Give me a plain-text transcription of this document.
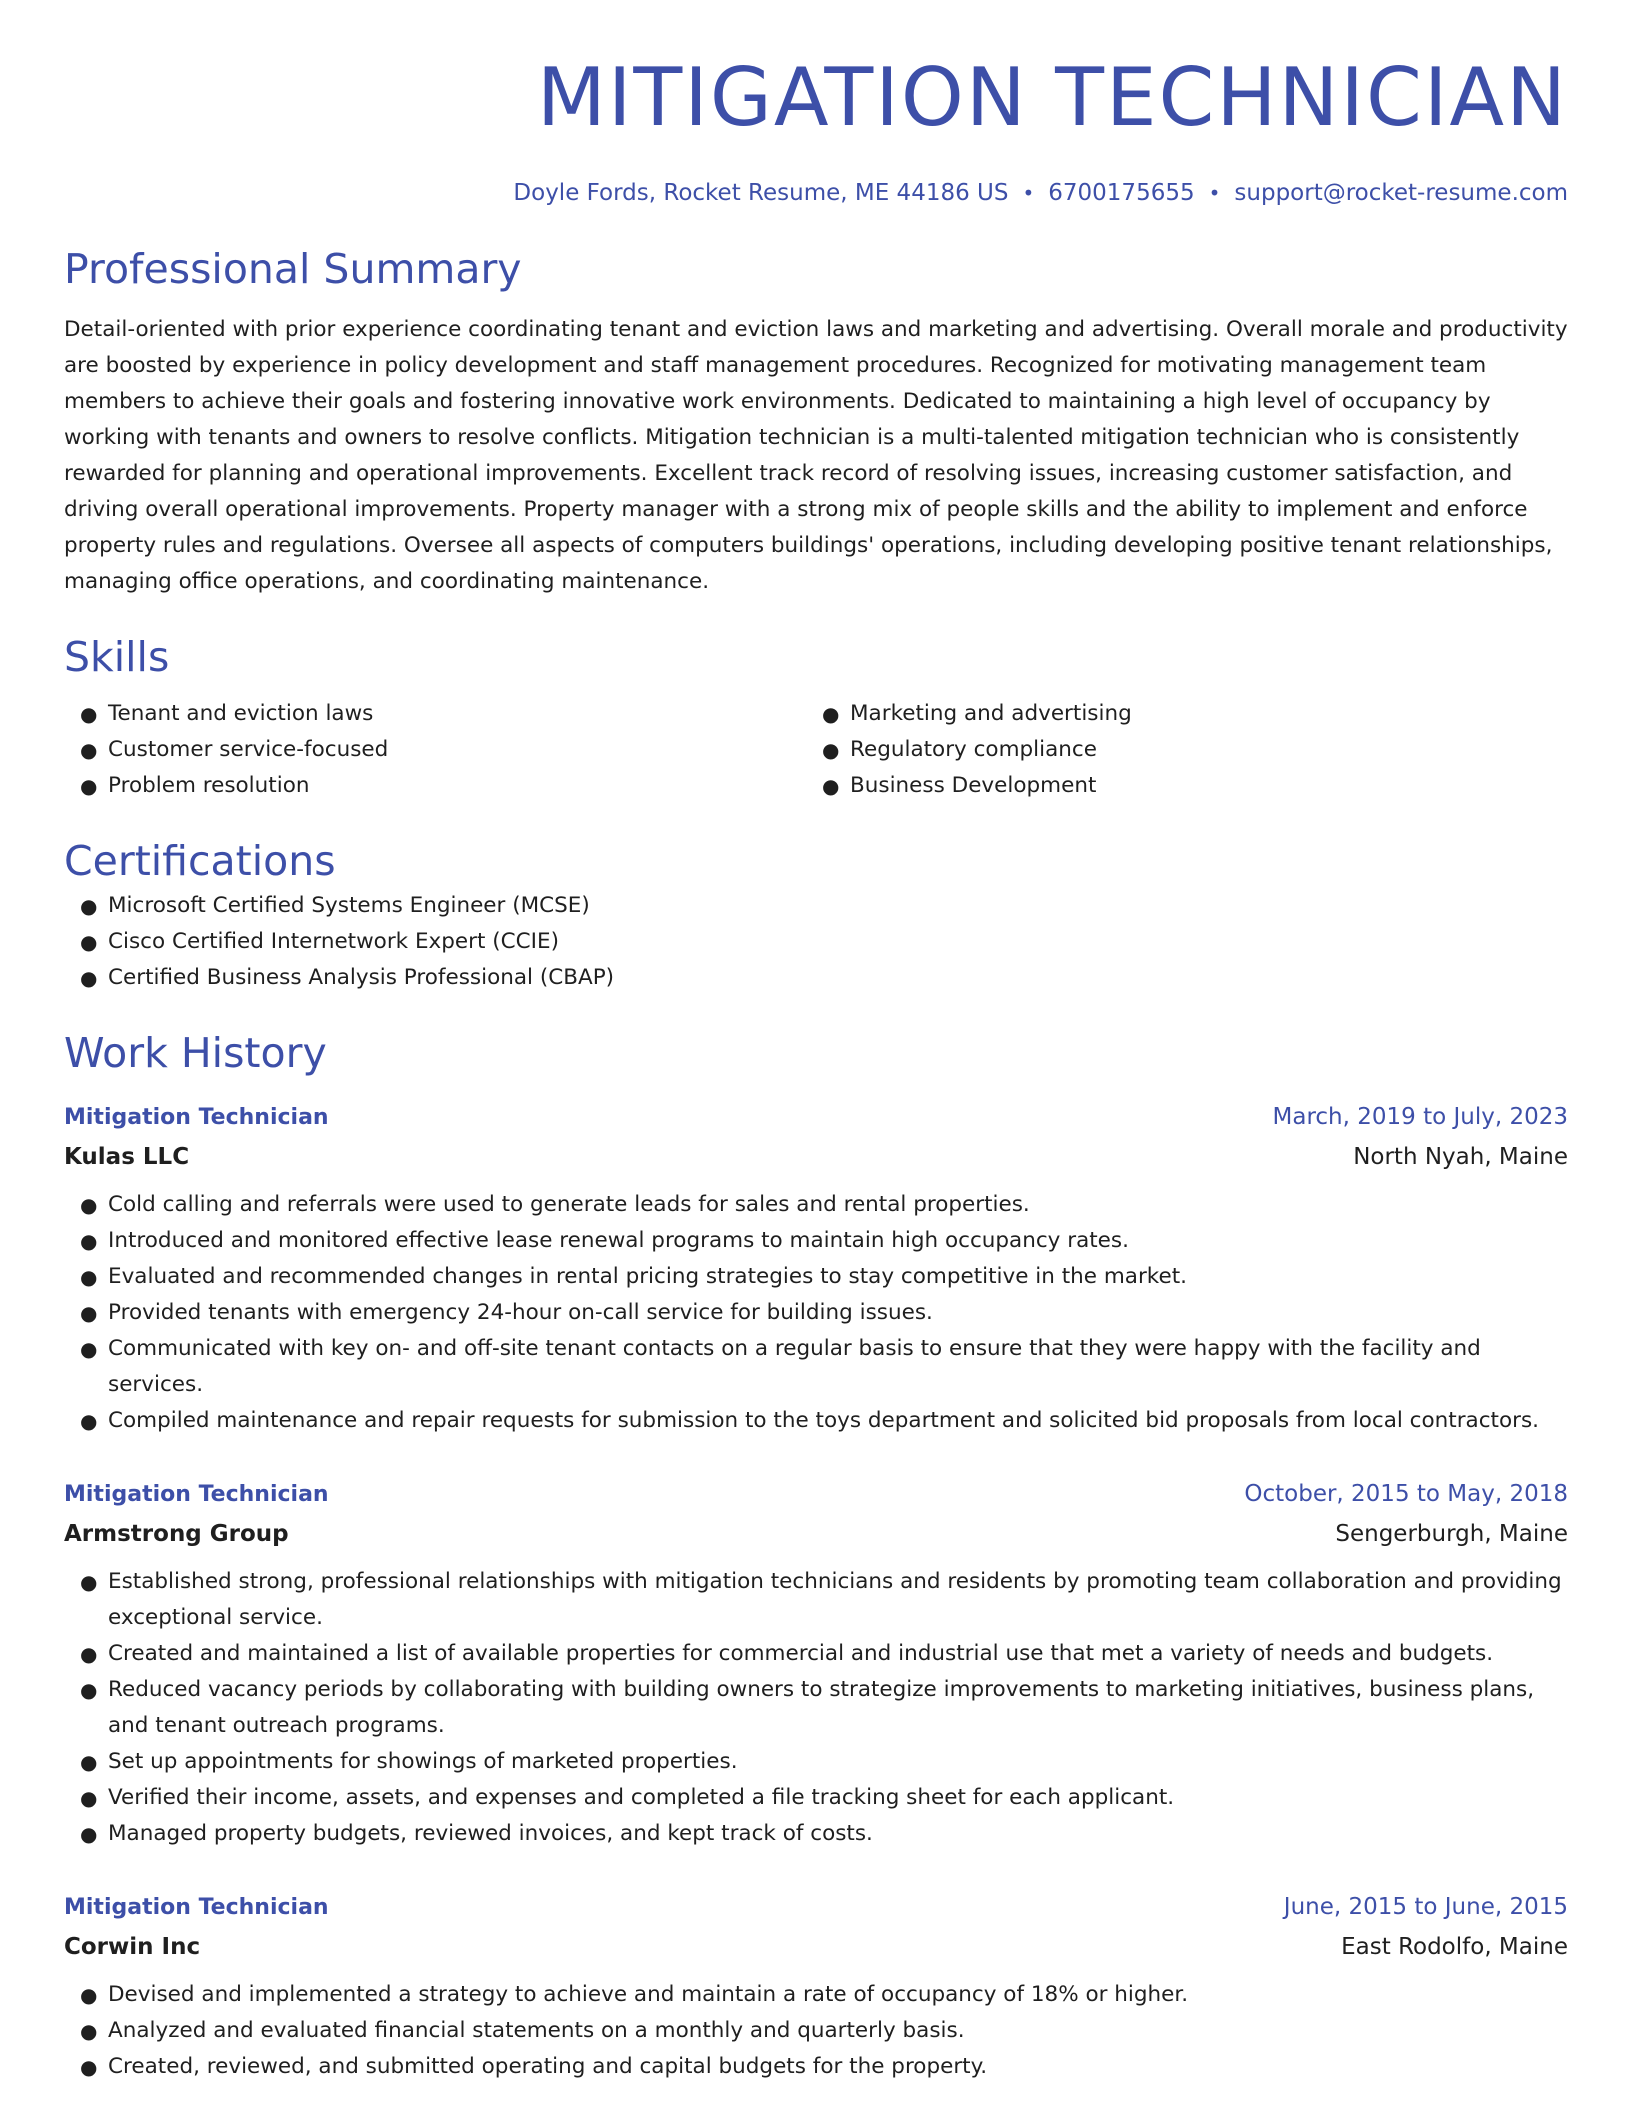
MITIGATION TECHNICIAN
Doyle Fords, Rocket Resume, ME 44186 US • 6700175655 • support@rocket-resume.com
Professional Summary

Detail-oriented with prior experience coordinating tenant and eviction laws and marketing and advertising. Overall morale and productivity are boosted by experience in policy development and staff management procedures. Recognized for motivating management team members to achieve their goals and fostering innovative work environments. Dedicated to maintaining a high level of occupancy by working with tenants and owners to resolve conflicts. Mitigation technician is a multi-talented mitigation technician who is consistently rewarded for planning and operational improvements. Excellent track record of resolving issues, increasing customer satisfaction, and driving overall operational improvements. Property manager with a strong mix of people skills and the ability to implement and enforce property rules and regulations. Oversee all aspects of computers buildings' operations, including developing positive tenant relationships, managing office operations, and coordinating maintenance.

Skills
● Tenant and eviction laws
● Customer service-focused
● Problem resolution
● Marketing and advertising
● Regulatory compliance
● Business Development
Certifications
● Microsoft Certified Systems Engineer (MCSE)
● Cisco Certified Internetwork Expert (CCIE)
● Certified Business Analysis Professional (CBAP)
Work History
Mitigation Technician	March, 2019 to July, 2023
Kulas LLC	North Nyah, Maine
● Cold calling and referrals were used to generate leads for sales and rental properties.
● Introduced and monitored effective lease renewal programs to maintain high occupancy rates.
● Evaluated and recommended changes in rental pricing strategies to stay competitive in the market.
● Provided tenants with emergency 24-hour on-call service for building issues.
● Communicated with key on- and off-site tenant contacts on a regular basis to ensure that they were happy with the facility and services.
● Compiled maintenance and repair requests for submission to the toys department and solicited bid proposals from local contractors.
Mitigation Technician	October, 2015 to May, 2018
Armstrong Group	Sengerburgh, Maine
● Established strong, professional relationships with mitigation technicians and residents by promoting team collaboration and providing exceptional service.
● Created and maintained a list of available properties for commercial and industrial use that met a variety of needs and budgets.
● Reduced vacancy periods by collaborating with building owners to strategize improvements to marketing initiatives, business plans, and tenant outreach programs.
● Set up appointments for showings of marketed properties.
● Verified their income, assets, and expenses and completed a file tracking sheet for each applicant.
● Managed property budgets, reviewed invoices, and kept track of costs.
Mitigation Technician	June, 2015 to June, 2015
Corwin Inc	East Rodolfo, Maine
● Devised and implemented a strategy to achieve and maintain a rate of occupancy of 18% or higher.
● Analyzed and evaluated financial statements on a monthly and quarterly basis.
● Created, reviewed, and submitted operating and capital budgets for the property.
